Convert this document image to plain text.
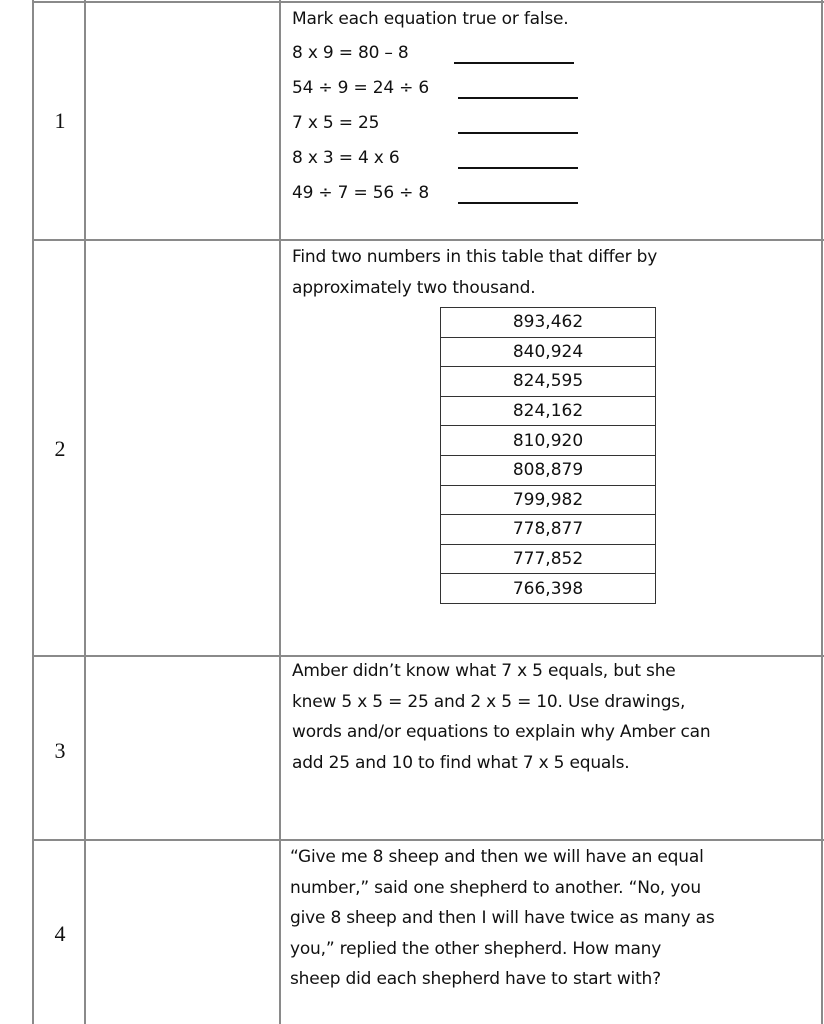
1
Mark each equation true or false.
8 x 9 = 80 – 8
54 ÷ 9 = 24 ÷ 6
7 x 5 = 25
8 x 3 = 4 x 6
49 ÷ 7 = 56 ÷ 8
2
Find two numbers in this table that differ by
approximately two thousand.
893,462
840,924
824,595
824,162
810,920
808,879
799,982
778,877
777,852
766,398
3
Amber didn’t know what 7 x 5 equals, but she
knew 5 x 5 = 25 and 2 x 5 = 10. Use drawings,
words and/or equations to explain why Amber can
add 25 and 10 to find what 7 x 5 equals.
4
“Give me 8 sheep and then we will have an equal
number,” said one shepherd to another. “No, you
give 8 sheep and then I will have twice as many as
you,” replied the other shepherd. How many
sheep did each shepherd have to start with?
